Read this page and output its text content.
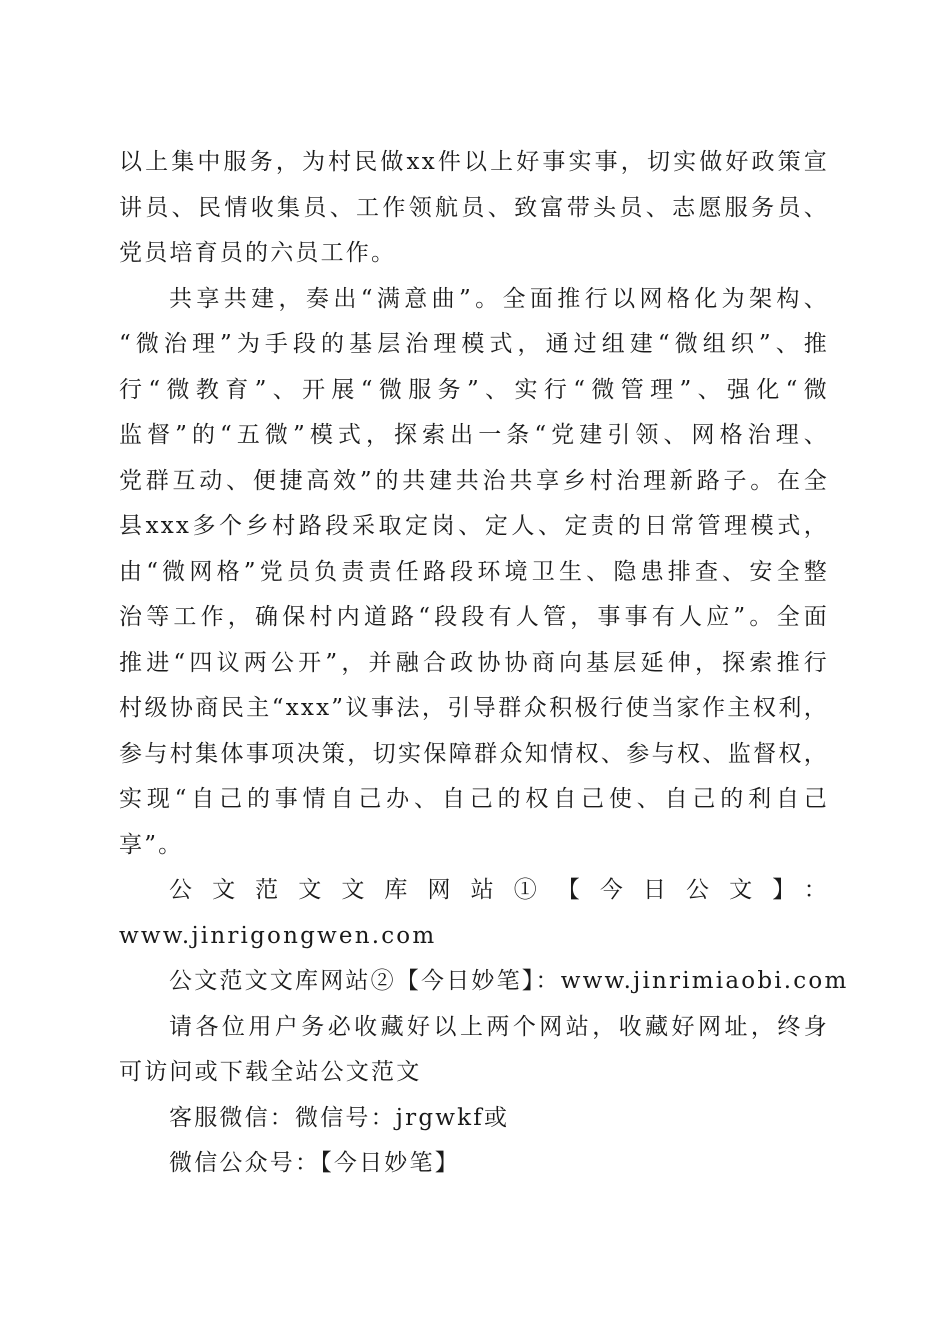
以上集中服务，为村民做xx件以上好事实事，切实做好政策宣
讲员、民情收集员、工作领航员、致富带头员、志愿服务员、
党员培育员的六员工作。
共享共建，奏出“满意曲”。全面推行以网格化为架构、
“微治理”为手段的基层治理模式，通过组建“微组织”、推
行“微教育”、开展“微服务”、实行“微管理”、强化“微
监督”的“五微”模式，探索出一条“党建引领、网格治理、
党群互动、便捷高效”的共建共治共享乡村治理新路子。在全
县xxx多个乡村路段采取定岗、定人、定责的日常管理模式，
由“微网格”党员负责责任路段环境卫生、隐患排查、安全整
治等工作，确保村内道路“段段有人管，事事有人应”。全面
推进“四议两公开”，并融合政协协商向基层延伸，探索推行
村级协商民主“xxx”议事法，引导群众积极行使当家作主权利，
参与村集体事项决策，切实保障群众知情权、参与权、监督权，
实现“自己的事情自己办、自己的权自己使、自己的利自己
享”。
公文范文文库网站①【今日公文】：
www.jinrigongwen.com
公文范文文库网站②【今日妙笔】：www.jinrimiaobi.com
请各位用户务必收藏好以上两个网站，收藏好网址，终身
可访问或下载全站公文范文
客服微信：微信号：jrgwkf或
微信公众号：【今日妙笔】
